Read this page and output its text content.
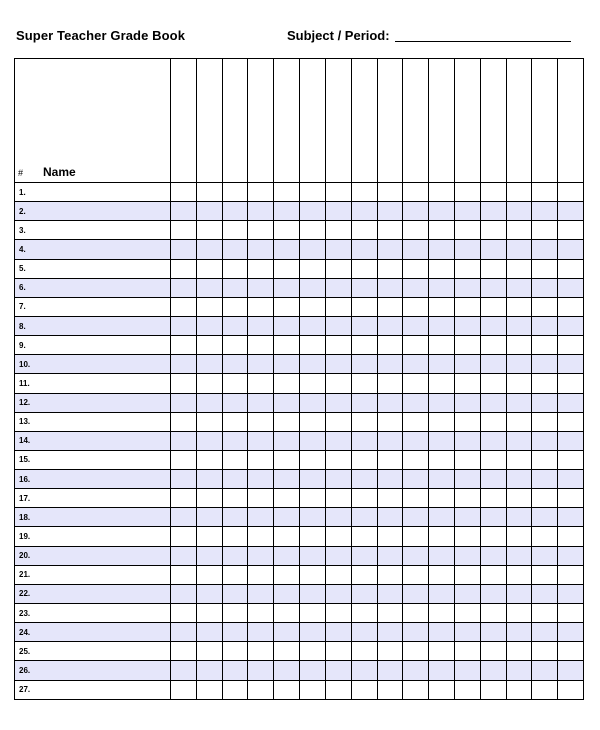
Super Teacher Grade Book	Subject / Period:
# Name																

1.																
2.																
3.																
4.																
5.																
6.																
7.																
8.																
9.																
10.																
11.																
12.																
13.																
14.																
15.																
16.																
17.																
18.																
19.																
20.																
21.																
22.																
23.																
24.																
25.																
26.																
27.																
